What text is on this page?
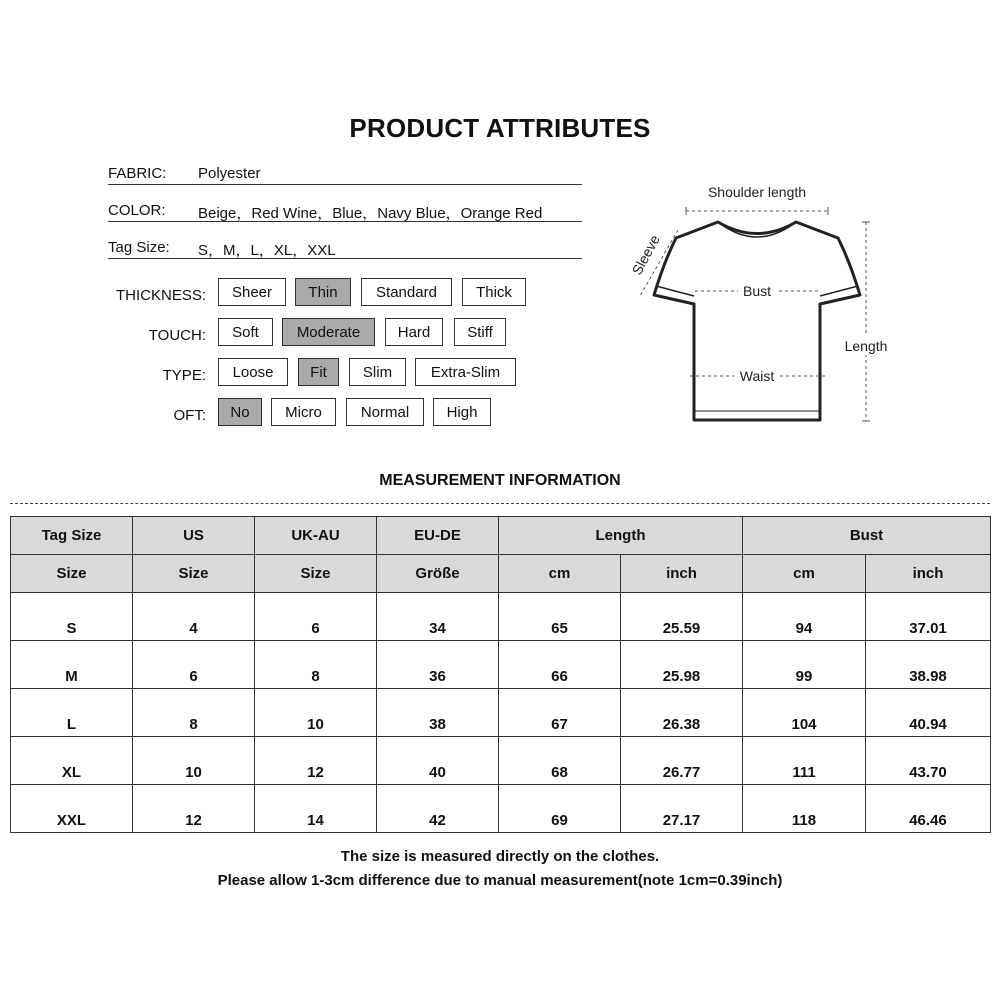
PRODUCT ATTRIBUTES
FABRIC: Polyester
COLOR: Beige，Red Wine，Blue，Navy Blue，Orange Red
Tag Size: S，M，L，XL，XXL
THICKNESS:	Sheer	Thin	Standard	Thick
TOUCH:	Soft	Moderate	Hard	Stiff
TYPE:	Loose	Fit	Slim	Extra-Slim
OFT:	No	Micro	Normal	High
Shoulder length
Sleeve
Bust
Waist
Length
MEASUREMENT INFORMATION
Tag Size	US	UK-AU	EU-DE	Length		Bust	
Size	Size	Size	Größe	cm	inch	cm	inch
S	4	6	34	65	25.59	94	37.01
M	6	8	36	66	25.98	99	38.98
L	8	10	38	67	26.38	104	40.94
XL	10	12	40	68	26.77	111	43.70
XXL	12	14	42	69	27.17	118	46.46
The size is measured directly on the clothes.
Please allow 1-3cm difference due to manual measurement(note 1cm=0.39inch)
